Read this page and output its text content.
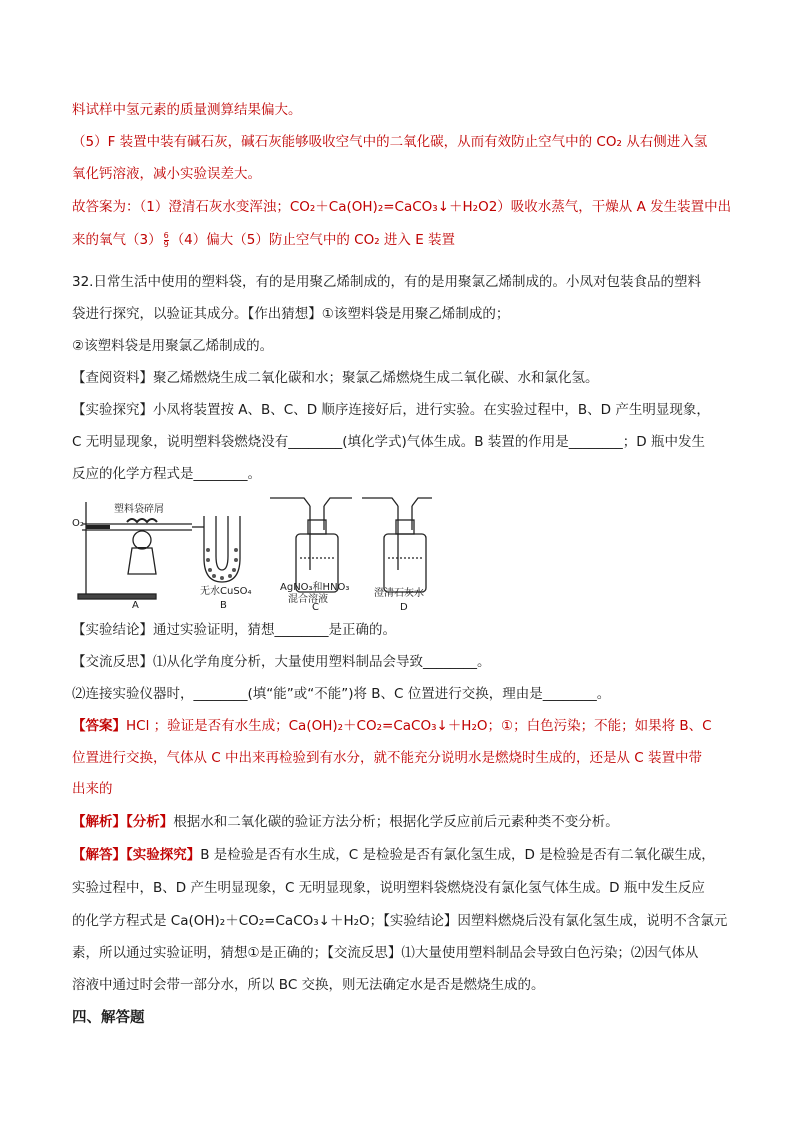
料试样中氢元素的质量测算结果偏大。
（5）F 装置中装有碱石灰，碱石灰能够吸收空气中的二氧化碳，从而有效防止空气中的 CO₂ 从右侧进入氢
氧化钙溶液，减小实验误差大。
故答案为：（1）澄清石灰水变浑浊；CO₂＋Ca(OH)₂=CaCO₃↓＋H₂O2）吸收水蒸气，干燥从 A 发生装置中出
来的氧气$(3) \frac{6}{9} (4)$偏大（5）防止空气中的 CO₂ 进入 E 装置
32.日常生活中使用的塑料袋，有的是用聚乙烯制成的，有的是用聚氯乙烯制成的。小凤对包装食品的塑料
袋进行探究，以验证其成分。【作出猜想】①该塑料袋是用聚乙烯制成的；
②该塑料袋是用聚氯乙烯制成的。
【查阅资料】聚乙烯燃烧生成二氧化碳和水；聚氯乙烯燃烧生成二氧化碳、水和氯化氢。
【实验探究】小凤将装置按 A、B、C、D 顺序连接好后，进行实验。在实验过程中，B、D 产生明显现象，
C 无明显现象，说明塑料袋燃烧没有________(填化学式)气体生成。B 装置的作用是________；D 瓶中发生
反应的化学方程式是________。
O₂
塑料袋碎屑
无水CuSO₄	AgNO₃和HNO₃
混合溶液
澄清石灰水
A	B	C	D
【实验结论】通过实验证明，猜想________是正确的。
【交流反思】⑴从化学角度分析，大量使用塑料制品会导致________。
⑵连接实验仪器时，________(填“能”或“不能”)将 B、C 位置进行交换，理由是________。
【答案】HCl ；验证是否有水生成；Ca(OH)₂＋CO₂=CaCO₃↓＋H₂O；①；白色污染；不能；如果将 B、C
位置进行交换，气体从 C 中出来再检验到有水分，就不能充分说明水是燃烧时生成的，还是从 C 装置中带
出来的
【解析】【分析】根据水和二氧化碳的验证方法分析；根据化学反应前后元素种类不变分析。
【解答】【实验探究】B 是检验是否有水生成，C 是检验是否有氯化氢生成，D 是检验是否有二氧化碳生成，
实验过程中，B、D 产生明显现象，C 无明显现象，说明塑料袋燃烧没有氯化氢气体生成。D 瓶中发生反应
的化学方程式是 Ca(OH)₂＋CO₂=CaCO₃↓＋H₂O；【实验结论】因塑料燃烧后没有氯化氢生成，说明不含氯元
素，所以通过实验证明，猜想①是正确的；【交流反思】⑴大量使用塑料制品会导致白色污染；⑵因气体从
溶液中通过时会带一部分水，所以 BC 交换，则无法确定水是否是燃烧生成的。
四、解答题
